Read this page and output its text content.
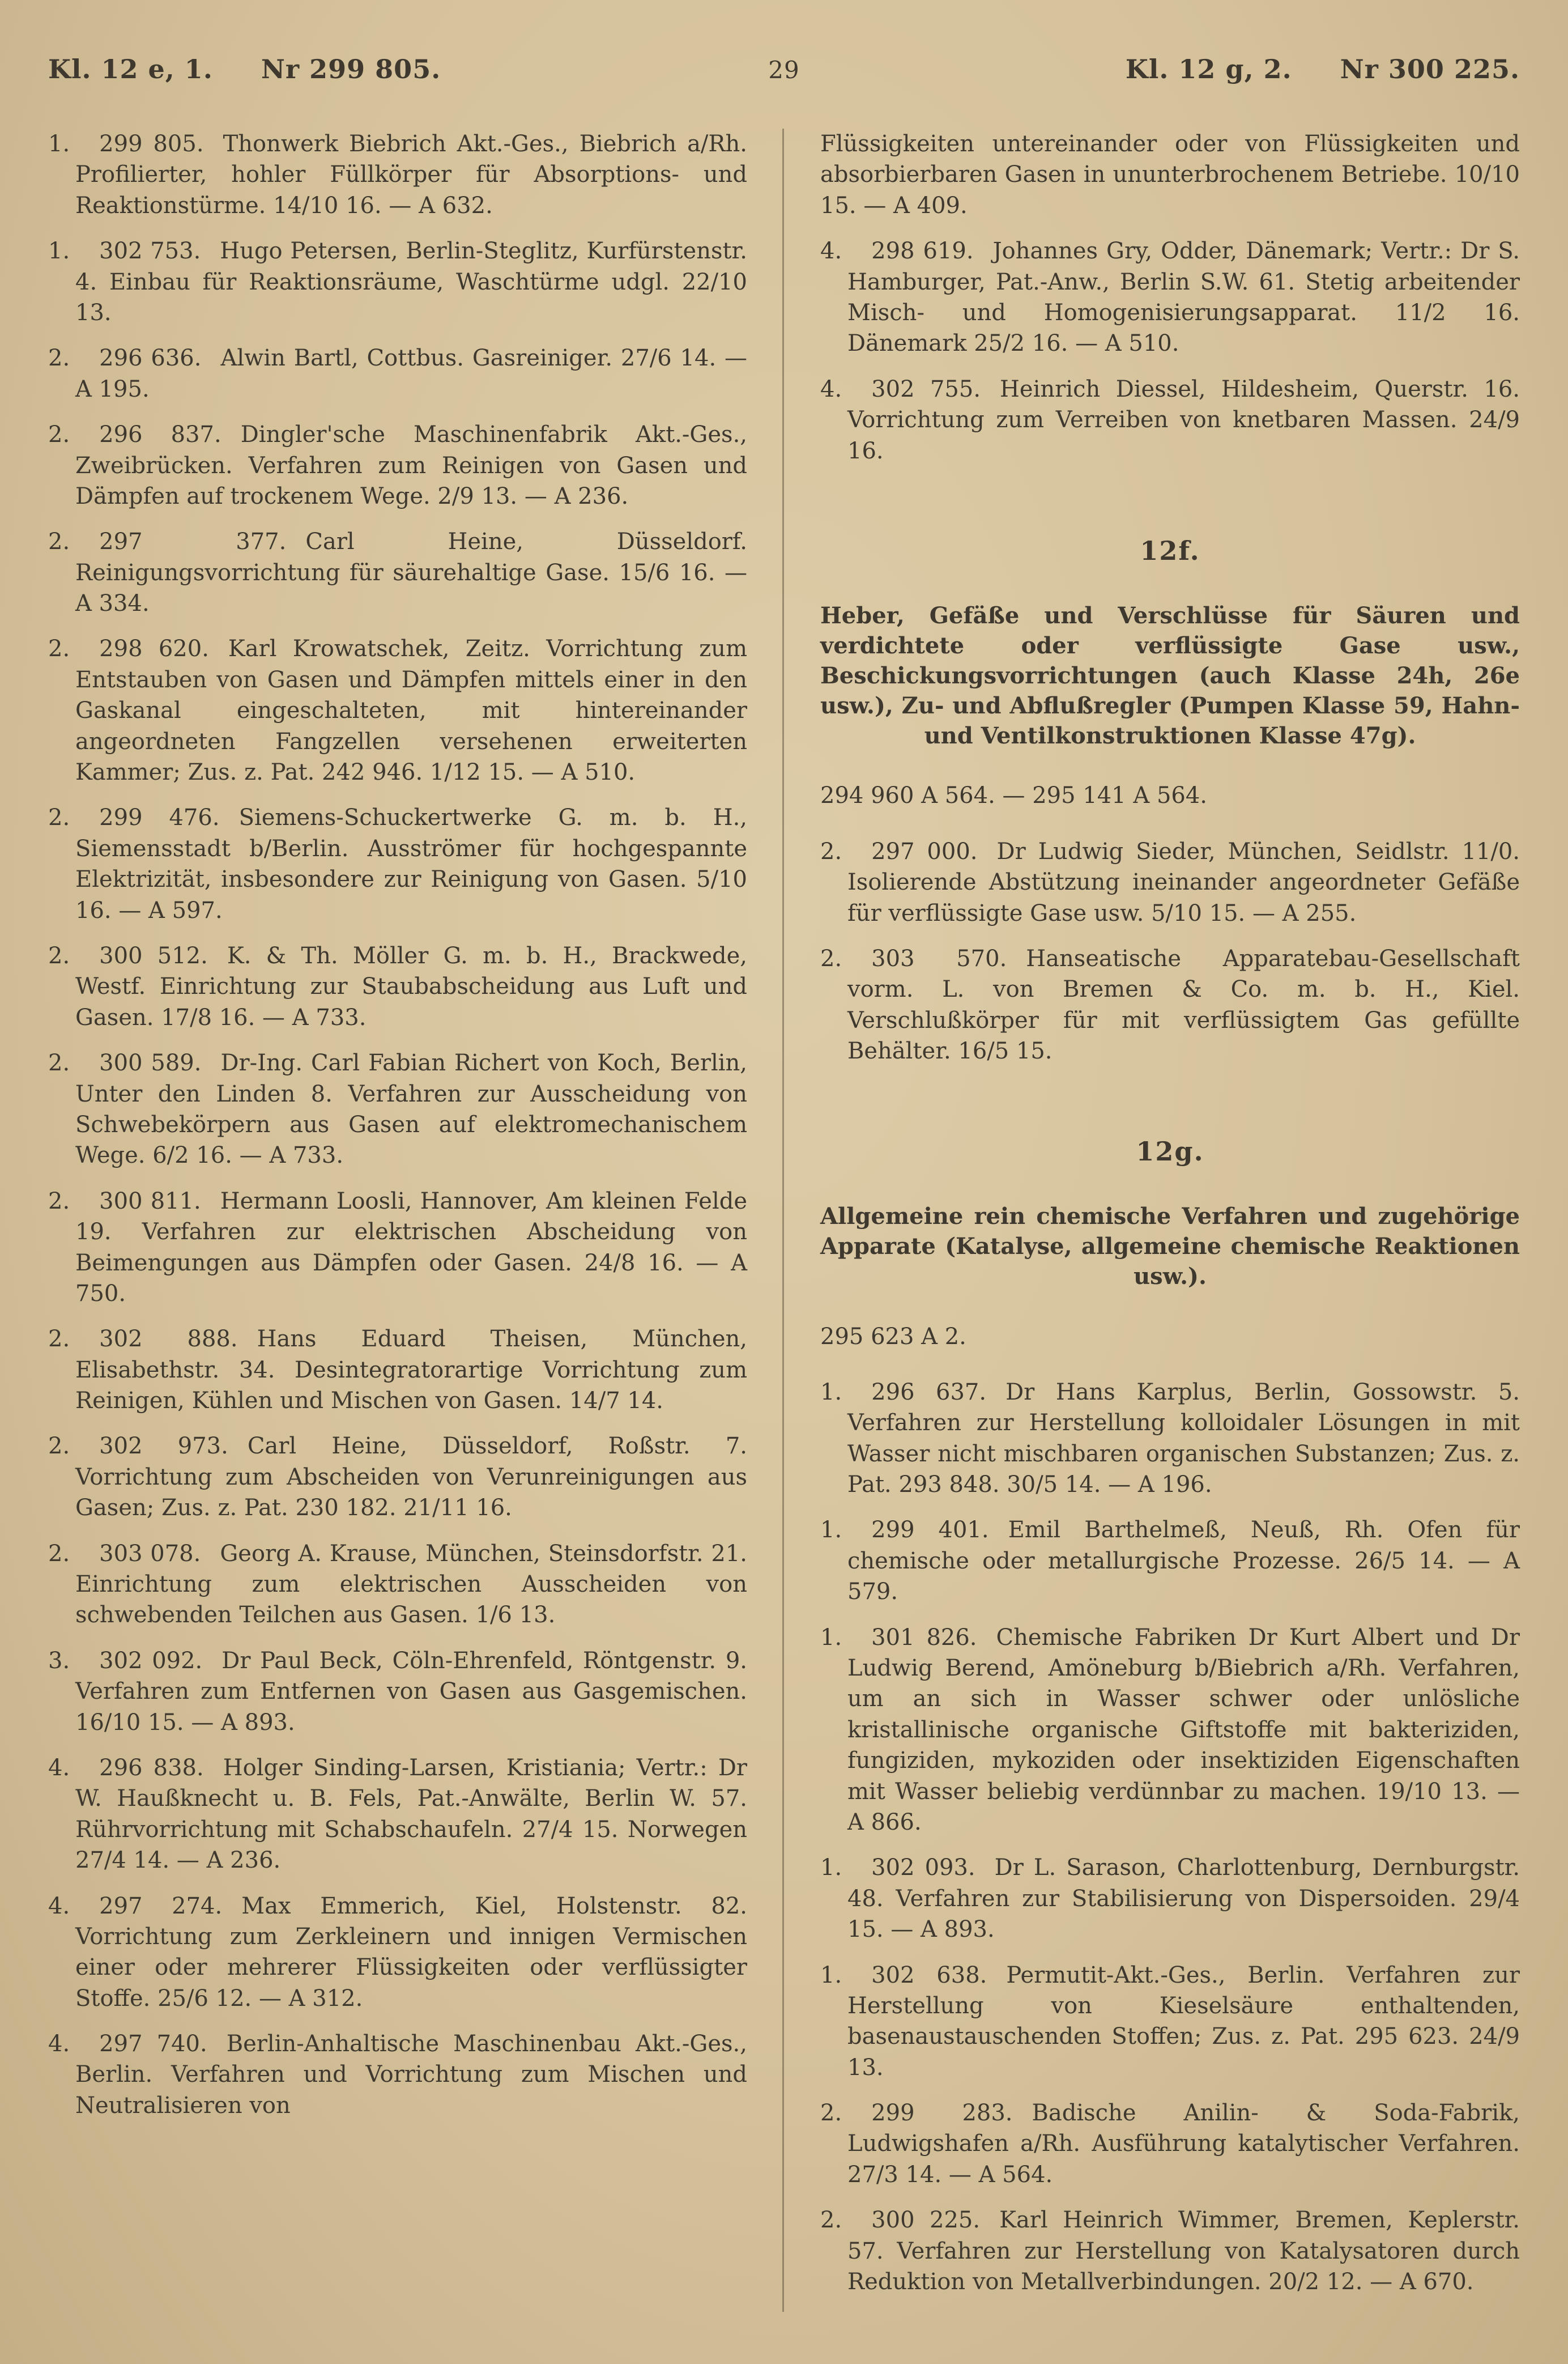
Kl. 12 e, 1. Nr 299 805.	29	Kl. 12 g, 2. Nr 300 225.

1. 299 805. Thonwerk Biebrich Akt.-Ges., Biebrich a/Rh. Profilierter, hohler Füllkörper für Absorptions- und Reaktionstürme. 14/10 16. — A 632.

1. 302 753. Hugo Petersen, Berlin-Steglitz, Kurfürstenstr. 4. Einbau für Reaktionsräume, Waschtürme udgl. 22/10 13.

2. 296 636. Alwin Bartl, Cottbus. Gasreiniger. 27/6 14. — A 195.

2. 296 837. Dingler'sche Maschinenfabrik Akt.-Ges., Zweibrücken. Verfahren zum Reinigen von Gasen und Dämpfen auf trockenem Wege. 2/9 13. — A 236.

2. 297 377. Carl Heine, Düsseldorf. Reinigungsvorrichtung für säurehaltige Gase. 15/6 16. — A 334.

2. 298 620. Karl Krowatschek, Zeitz. Vorrichtung zum Entstauben von Gasen und Dämpfen mittels einer in den Gaskanal eingeschalteten, mit hintereinander angeordneten Fangzellen versehenen erweiterten Kammer; Zus. z. Pat. 242 946. 1/12 15. — A 510.

2. 299 476. Siemens-Schuckertwerke G. m. b. H., Siemensstadt b/Berlin. Ausströmer für hochgespannte Elektrizität, insbesondere zur Reinigung von Gasen. 5/10 16. — A 597.

2. 300 512. K. & Th. Möller G. m. b. H., Brackwede, Westf. Einrichtung zur Staubabscheidung aus Luft und Gasen. 17/8 16. — A 733.

2. 300 589. Dr-Ing. Carl Fabian Richert von Koch, Berlin, Unter den Linden 8. Verfahren zur Ausscheidung von Schwebekörpern aus Gasen auf elektromechanischem Wege. 6/2 16. — A 733.

2. 300 811. Hermann Loosli, Hannover, Am kleinen Felde 19. Verfahren zur elektrischen Abscheidung von Beimengungen aus Dämpfen oder Gasen. 24/8 16. — A 750.

2. 302 888. Hans Eduard Theisen, München, Elisabethstr. 34. Desintegratorartige Vorrichtung zum Reinigen, Kühlen und Mischen von Gasen. 14/7 14.

2. 302 973. Carl Heine, Düsseldorf, Roßstr. 7. Vorrichtung zum Abscheiden von Verunreinigungen aus Gasen; Zus. z. Pat. 230 182. 21/11 16.

2. 303 078. Georg A. Krause, München, Steinsdorfstr. 21. Einrichtung zum elektrischen Ausscheiden von schwebenden Teilchen aus Gasen. 1/6 13.

3. 302 092. Dr Paul Beck, Cöln-Ehrenfeld, Röntgenstr. 9. Verfahren zum Entfernen von Gasen aus Gasgemischen. 16/10 15. — A 893.

4. 296 838. Holger Sinding-Larsen, Kristiania; Vertr.: Dr W. Haußknecht u. B. Fels, Pat.-Anwälte, Berlin W. 57. Rührvorrichtung mit Schabschaufeln. 27/4 15. Norwegen 27/4 14. — A 236.

4. 297 274. Max Emmerich, Kiel, Holstenstr. 82. Vorrichtung zum Zerkleinern und innigen Vermischen einer oder mehrerer Flüssigkeiten oder verflüssigter Stoffe. 25/6 12. — A 312.

4. 297 740. Berlin-Anhaltische Maschinenbau Akt.-Ges., Berlin. Verfahren und Vorrichtung zum Mischen und Neutralisieren von

Flüssigkeiten untereinander oder von Flüssigkeiten und absorbierbaren Gasen in ununterbrochenem Betriebe. 10/10 15. — A 409.

4. 298 619. Johannes Gry, Odder, Dänemark; Vertr.: Dr S. Hamburger, Pat.-Anw., Berlin S.W. 61. Stetig arbeitender Misch- und Homogenisierungsapparat. 11/2 16. Dänemark 25/2 16. — A 510.

4. 302 755. Heinrich Diessel, Hildesheim, Querstr. 16. Vorrichtung zum Verreiben von knetbaren Massen. 24/9 16.

12f.

Heber, Gefäße und Verschlüsse für Säuren und verdichtete oder verflüssigte Gase usw., Beschickungsvorrichtungen (auch Klasse 24h, 26e usw.), Zu- und Abflußregler (Pumpen Klasse 59, Hahn- und Ventilkonstruktionen Klasse 47g).

294 960 A 564. — 295 141 A 564.

2. 297 000. Dr Ludwig Sieder, München, Seidlstr. 11/0. Isolierende Abstützung ineinander angeordneter Gefäße für verflüssigte Gase usw. 5/10 15. — A 255.

2. 303 570. Hanseatische Apparatebau-Gesellschaft vorm. L. von Bremen & Co. m. b. H., Kiel. Verschlußkörper für mit verflüssigtem Gas gefüllte Behälter. 16/5 15.

12g.

Allgemeine rein chemische Verfahren und zugehörige Apparate (Katalyse, allgemeine chemische Reaktionen usw.).

295 623 A 2.

1. 296 637. Dr Hans Karplus, Berlin, Gossowstr. 5. Verfahren zur Herstellung kolloidaler Lösungen in mit Wasser nicht mischbaren organischen Substanzen; Zus. z. Pat. 293 848. 30/5 14. — A 196.

1. 299 401. Emil Barthelmeß, Neuß, Rh. Ofen für chemische oder metallurgische Prozesse. 26/5 14. — A 579.

1. 301 826. Chemische Fabriken Dr Kurt Albert und Dr Ludwig Berend, Amöneburg b/Biebrich a/Rh. Verfahren, um an sich in Wasser schwer oder unlösliche kristallinische organische Giftstoffe mit bakteriziden, fungiziden, mykoziden oder insektiziden Eigenschaften mit Wasser beliebig verdünnbar zu machen. 19/10 13. — A 866.

1. 302 093. Dr L. Sarason, Charlottenburg, Dernburgstr. 48. Verfahren zur Stabilisierung von Dispersoiden. 29/4 15. — A 893.

1. 302 638. Permutit-Akt.-Ges., Berlin. Verfahren zur Herstellung von Kieselsäure enthaltenden, basenaustauschenden Stoffen; Zus. z. Pat. 295 623. 24/9 13.

2. 299 283. Badische Anilin- & Soda-Fabrik, Ludwigshafen a/Rh. Ausführung katalytischer Verfahren. 27/3 14. — A 564.

2. 300 225. Karl Heinrich Wimmer, Bremen, Keplerstr. 57. Verfahren zur Herstellung von Katalysatoren durch Reduktion von Metallverbindungen. 20/2 12. — A 670.
